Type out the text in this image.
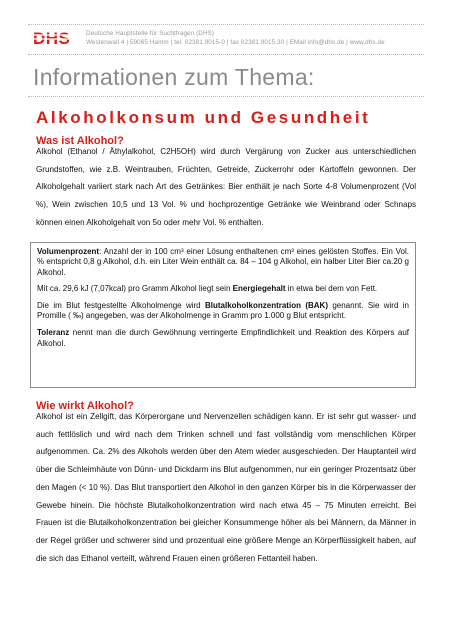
DHS Deutsche Hauptstelle für Suchtfragen (DHS)
Westenwall 4 | 59065 Hamm | tel. 02381.9015-0 | fax 02381.9015.30 | EMail info@dhs.de | www.dhs.de
Informationen zum Thema:
Alkoholkonsum und Gesundheit
Was ist Alkohol?
Alkohol (Ethanol / Äthylalkohol, C2H5OH) wird durch Vergärung von Zucker aus unterschiedlichen Grundstoffen, wie z.B. Weintrauben, Früchten, Getreide, Zuckerrohr oder Kartoffeln gewonnen. Der Alkoholgehalt variiert stark nach Art des Getränkes: Bier enthält je nach Sorte 4-8 Volumenprozent (Vol %), Wein zwischen 10,5 und 13 Vol. % und hochprozentige Getränke wie Weinbrand oder Schnaps können einen Alkoholgehalt von 5o oder mehr Vol. % enthalten.

Volumenprozent: Anzahl der in 100 cm³ einer Lösung enthaltenen cm³ eines gelösten Stoffes. Ein Vol. % entspricht 0,8 g Alkohol, d.h. ein Liter Wein enthält ca. 84 – 104 g Alkohol, ein halber Liter Bier ca.20 g Alkohol.

Mit ca. 29,6 kJ (7,07kcal) pro Gramm Alkohol liegt sein Energiegehalt in etwa bei dem von Fett.

Die im Blut festgestellte Alkoholmenge wird Blutalkoholkonzentration (BAK) genannt. Sie wird in Promille ( ‰) angegeben, was der Alkoholmenge in Gramm pro 1.000 g Blut entspricht.

Toleranz nennt man die durch Gewöhnung verringerte Empfindlichkeit und Reaktion des Körpers auf Alkohol.

Wie wirkt Alkohol?
Alkohol ist ein Zellgift, das Körperorgane und Nervenzellen schädigen kann. Er ist sehr gut wasser- und auch fettlöslich und wird nach dem Trinken schnell und fast vollständig vom menschlichen Körper aufgenommen. Ca. 2% des Alkohols werden über den Atem wieder ausgeschieden. Der Hauptanteil wird über die Schleimhäute von Dünn- und Dickdarm ins Blut aufgenommen, nur ein geringer Prozentsatz über den Magen (< 10 %). Das Blut transportiert den Alkohol in den ganzen Körper bis in die Körperwasser der Gewebe hinein. Die höchste Blutalkoholkonzentration wird nach etwa 45 – 75 Minuten erreicht. Bei Frauen ist die Blutalkoholkonzentration bei gleicher Konsummenge höher als bei Männern, da Männer in der Regel größer und schwerer sind und prozentual eine größere Menge an Körperflüssigkeit haben, auf die sich das Ethanol verteilt, während Frauen einen größeren Fettanteil haben.
